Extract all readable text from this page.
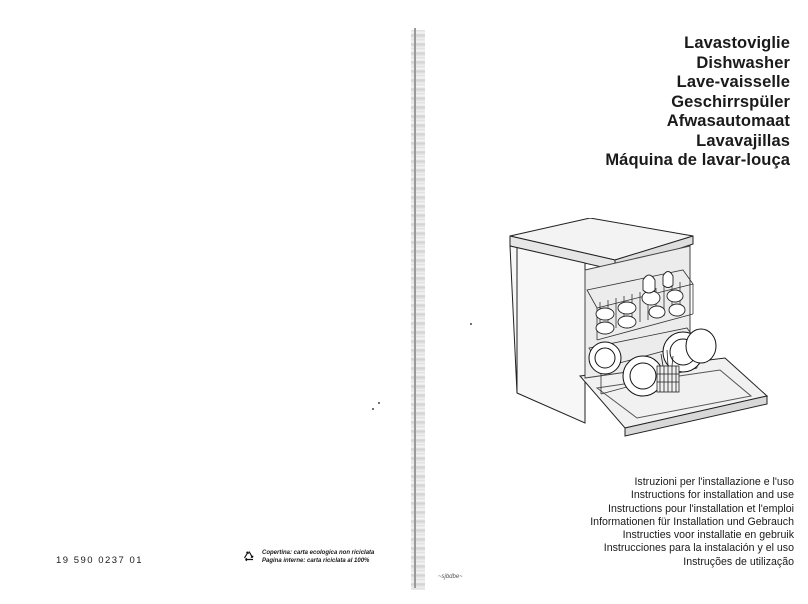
Lavastoviglie
Dishwasher
Lave-vaisselle
Geschirrspüler
Afwasautomaat
Lavavajillas
Máquina de lavar-louça
Istruzioni per l'installazione e l'uso
Instructions for installation and use
Instructions pour l'installation et l'emploi
Informationen für Installation und Gebrauch
Instructies voor installatie en gebruik
Instrucciones para la instalación y el uso
Instruções de utilização
19 590 0237 01
Copertina: carta ecologica non riciclata
Pagina interne: carta riciclata al 100%
~sjbdbe~
